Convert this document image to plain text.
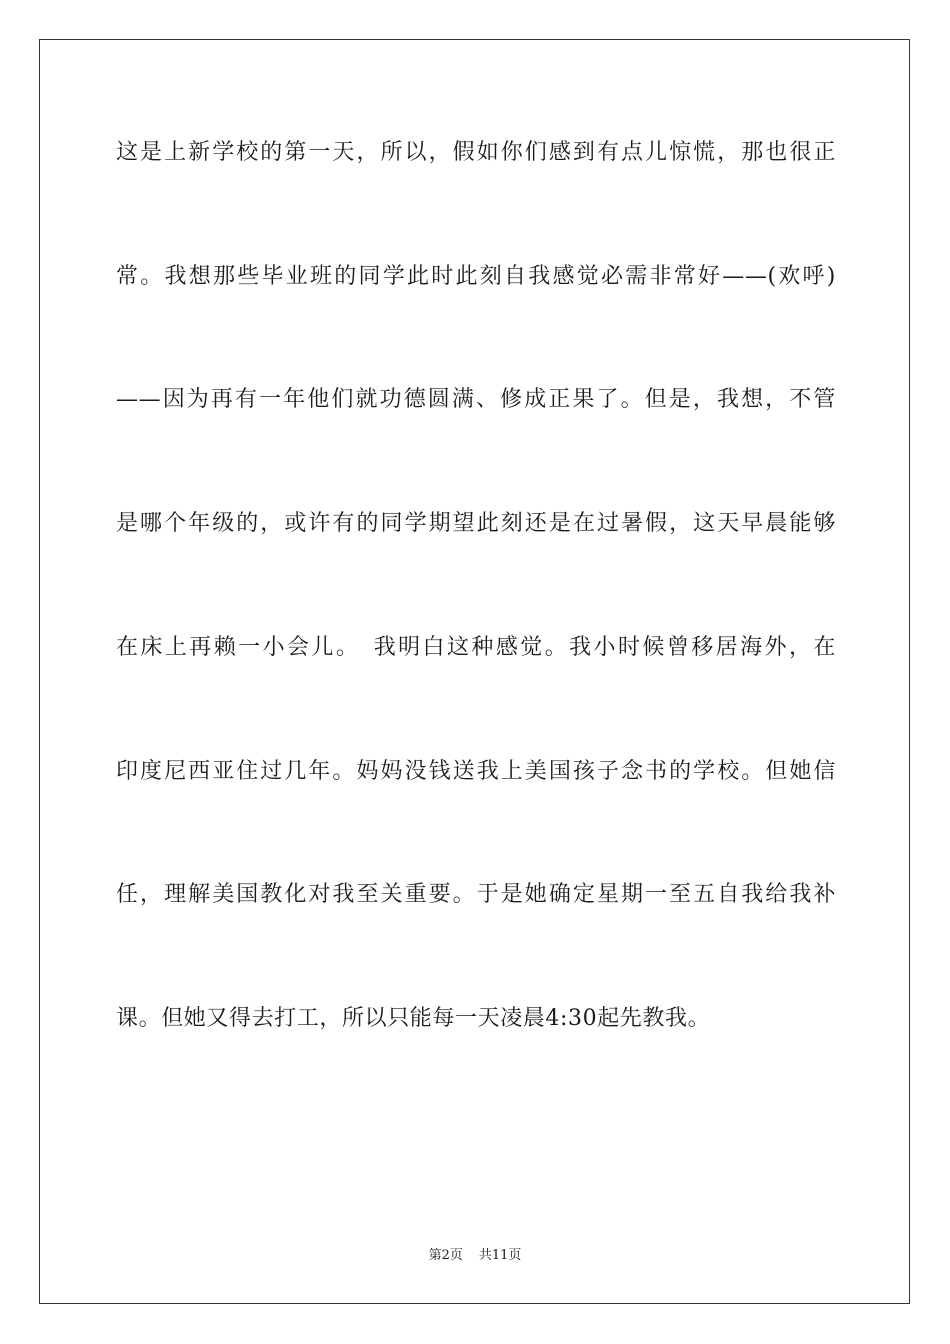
这是上新学校的第一天，所以，假如你们感到有点儿惊慌，那也很正
常。我想那些毕业班的同学此时此刻自我感觉必需非常好——(欢呼)
——因为再有一年他们就功德圆满、修成正果了。但是，我想，不管
是哪个年级的，或许有的同学期望此刻还是在过暑假，这天早晨能够
在床上再赖一小会儿。　我明白这种感觉。我小时候曾移居海外，在
印度尼西亚住过几年。妈妈没钱送我上美国孩子念书的学校。但她信
任，理解美国教化对我至关重要。于是她确定星期一至五自我给我补
课。但她又得去打工，所以只能每一天凌晨4:30起先教我。
第2页 共11页
